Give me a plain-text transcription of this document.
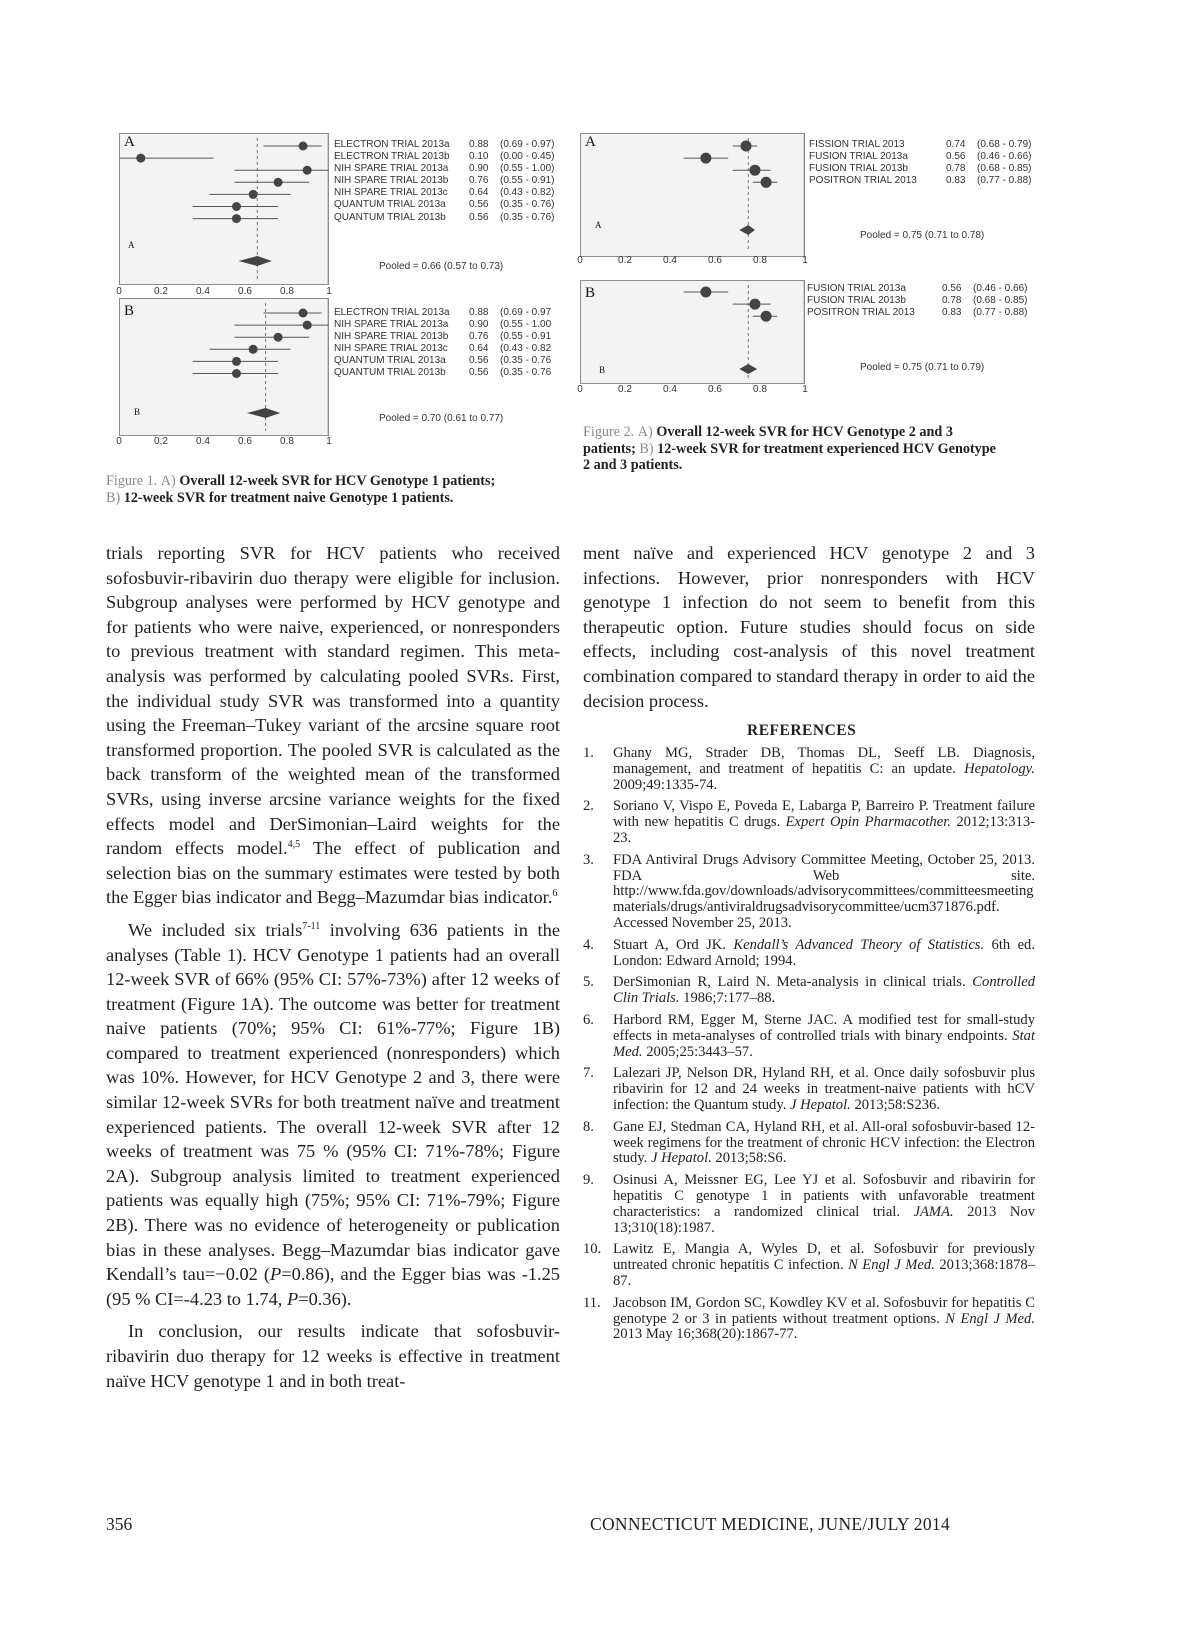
A
A
0	0.2	0.4	0.6	0.8	1
ELECTRON TRIAL 2013a 0.88 (0.69 - 0.97)
ELECTRON TRIAL 2013b 0.10 (0.00 - 0.45)
NIH SPARE TRIAL 2013a 0.90 (0.55 - 1.00)
NIH SPARE TRIAL 2013b 0.76 (0.55 - 0.91)
NIH SPARE TRIAL 2013c 0.64 (0.43 - 0.82)
QUANTUM TRIAL 2013a 0.56 (0.35 - 0.76)
QUANTUM TRIAL 2013b 0.56 (0.35 - 0.76)
Pooled = 0.66 (0.57 to 0.73)
B
B
0	0.2	0.4	0.6	0.8	1
ELECTRON TRIAL 2013a 0.88 (0.69 - 0.97
NIH SPARE TRIAL 2013a 0.90 (0.55 - 1.00
NIH SPARE TRIAL 2013b 0.76 (0.55 - 0.91
NIH SPARE TRIAL 2013c 0.64 (0.43 - 0.82
QUANTUM TRIAL 2013a 0.56 (0.35 - 0.76
QUANTUM TRIAL 2013b 0.56 (0.35 - 0.76
Pooled = 0.70 (0.61 to 0.77)
Figure 1. A) Overall 12-week SVR for HCV Genotype 1 patients;
B) 12-week SVR for treatment naive Genotype 1 patients.
A
A
0	0.2	0.4	0.6	0.8	1
FISSION TRIAL 2013	0.74 (0.68 - 0.79)
FUSION TRIAL 2013a	0.56 (0.46 - 0.66)
FUSION TRIAL 2013b	0.78 (0.68 - 0.85)
POSITRON TRIAL 2013	0.83 (0.77 - 0.88)
Pooled = 0.75 (0.71 to 0.78)
B
B
0	0.2	0.4	0.6	0.8	1
FUSION TRIAL 2013a	0.56 (0.46 - 0.66)
FUSION TRIAL 2013b	0.78 (0.68 - 0.85)
POSITRON TRIAL 2013	0.83 (0.77 - 0.88)
Pooled = 0.75 (0.71 to 0.79)
Figure 2. A) Overall 12-week SVR for HCV Genotype 2 and 3 patients; B) 12-week SVR for treatment experienced HCV Genotype 2 and 3 patients.

trials reporting SVR for HCV patients who received sofosbuvir-ribavirin duo therapy were eligible for inclusion. Subgroup analyses were performed by HCV genotype and for patients who were naive, experienced, or nonresponders to previous treatment with standard regimen. This meta-analysis was performed by calculating pooled SVRs. First, the individual study SVR was transformed into a quantity using the Freeman–Tukey variant of the arcsine square root transformed proportion. The pooled SVR is calculated as the back transform of the weighted mean of the transformed SVRs, using inverse arcsine variance weights for the fixed effects model and DerSimonian–Laird weights for the random effects model.$^{4,5}$ The effect of publication and selection bias on the summary estimates were tested by both the Egger bias indicator and Begg–Mazumdar bias indicator.$^6$

We included six trials$^{7-11}$ involving 636 patients in the analyses (Table 1). HCV Genotype 1 patients had an overall 12-week SVR of 66% (95% CI: 57%-73%) after 12 weeks of treatment (Figure 1A). The outcome was better for treatment naive patients (70%; 95% CI: 61%-77%; Figure 1B) compared to treatment experienced (nonresponders) which was 10%. However, for HCV Genotype 2 and 3, there were similar 12-week SVRs for both treatment naïve and treatment experienced patients. The overall 12-week SVR after 12 weeks of treatment was 75 % (95% CI: 71%-78%; Figure 2A). Subgroup analysis limited to treatment experienced patients was equally high (75%; 95% CI: 71%-79%; Figure 2B). There was no evidence of heterogeneity or publication bias in these analyses. Begg–Mazumdar bias indicator gave Kendall’s tau=−0.02 (P=0.86), and the Egger bias was -1.25 (95 % CI=-4.23 to 1.74, P=0.36).

In conclusion, our results indicate that sofosbuvir-ribavirin duo therapy for 12 weeks is effective in treatment naïve HCV genotype 1 and in both treat-

ment naïve and experienced HCV genotype 2 and 3 infections. However, prior nonresponders with HCV genotype 1 infection do not seem to benefit from this therapeutic option. Future studies should focus on side effects, including cost-analysis of this novel treatment combination compared to standard therapy in order to aid the decision process.

REFERENCES
1.	Ghany MG, Strader DB, Thomas DL, Seeff LB. Diagnosis, management, and treatment of hepatitis C: an update. Hepatology. 2009;49:1335-74.
2.	Soriano V, Vispo E, Poveda E, Labarga P, Barreiro P. Treatment failure with new hepatitis C drugs. Expert Opin Pharmacother. 2012;13:313-23.
3.	FDA Antiviral Drugs Advisory Committee Meeting, October 25, 2013. FDA Web site. http://www.fda.gov/downloads/advisorycommittees/committeesmeetingmaterials/drugs/antiviraldrugsadvisorycommittee/ucm371876.pdf. Accessed November 25, 2013.
4.	Stuart A, Ord JK. Kendall’s Advanced Theory of Statistics. 6th ed. London: Edward Arnold; 1994.
5.	DerSimonian R, Laird N. Meta-analysis in clinical trials. Controlled Clin Trials. 1986;7:177–88.
6.	Harbord RM, Egger M, Sterne JAC. A modified test for small-study effects in meta-analyses of controlled trials with binary endpoints. Stat Med. 2005;25:3443–57.
7.	Lalezari JP, Nelson DR, Hyland RH, et al. Once daily sofosbuvir plus ribavirin for 12 and 24 weeks in treatment-naive patients with hCV infection: the Quantum study. J Hepatol. 2013;58:S236.
8.	Gane EJ, Stedman CA, Hyland RH, et al. All-oral sofosbuvir-based 12-week regimens for the treatment of chronic HCV infection: the Electron study. J Hepatol. 2013;58:S6.
9.	Osinusi A, Meissner EG, Lee YJ et al. Sofosbuvir and ribavirin for hepatitis C genotype 1 in patients with unfavorable treatment characteristics: a randomized clinical trial. JAMA. 2013 Nov 13;310(18):1987.
10. Lawitz E, Mangia A, Wyles D, et al. Sofosbuvir for previously untreated chronic hepatitis C infection. N Engl J Med. 2013;368:1878–87.
11. Jacobson IM, Gordon SC, Kowdley KV et al. Sofosbuvir for hepatitis C genotype 2 or 3 in patients without treatment options. N Engl J Med. 2013 May 16;368(20):1867-77.
356	CONNECTICUT MEDICINE, JUNE/JULY 2014
